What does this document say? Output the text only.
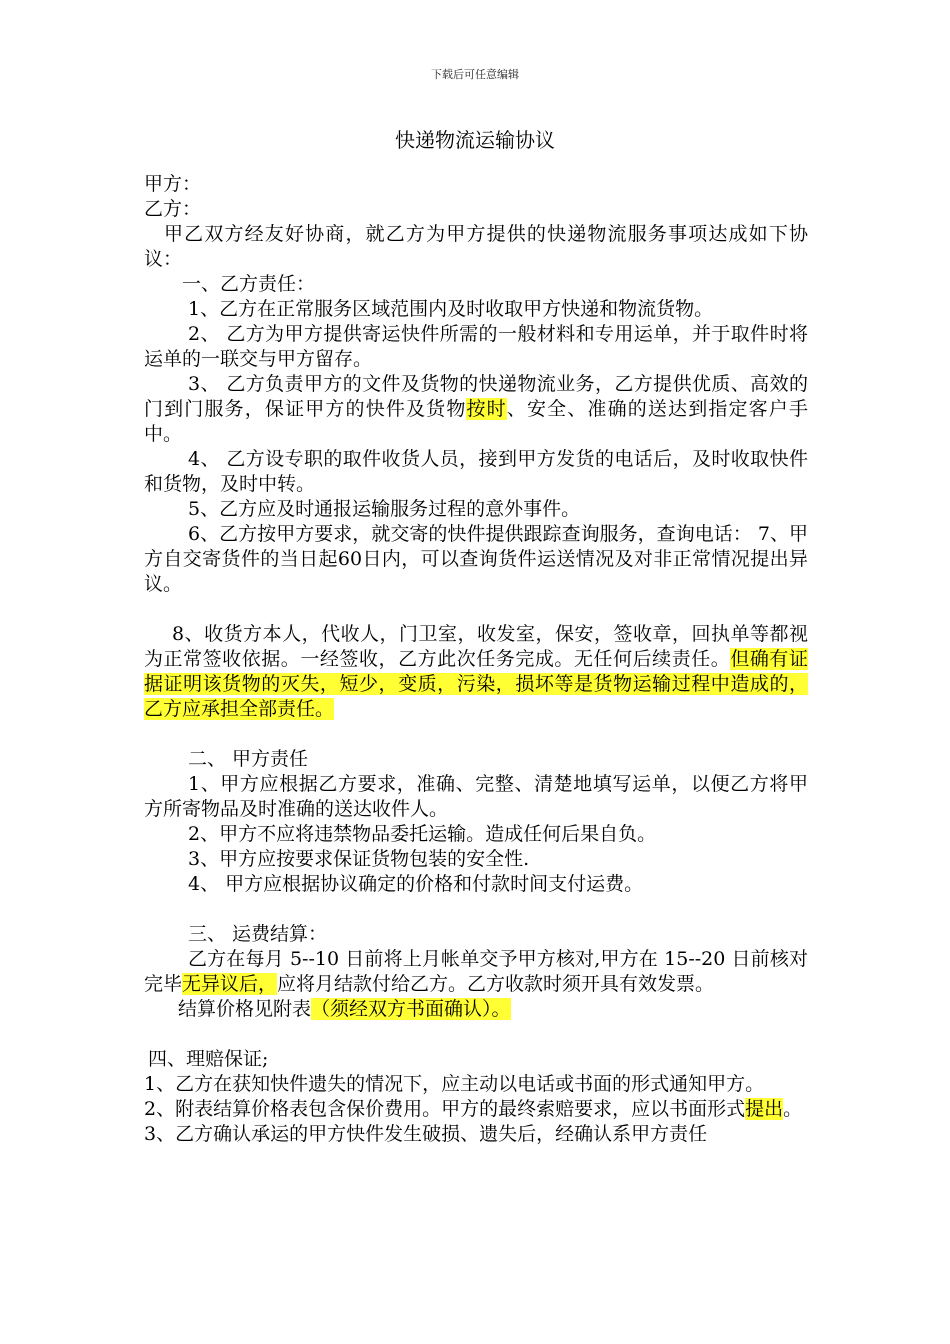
下载后可任意编辑
快递物流运输协议

甲方：

乙方：

甲乙双方经友好协商，就乙方为甲方提供的快递物流服务事项达成如下协议：

一、乙方责任：

1、乙方在正常服务区域范围内及时收取甲方快递和物流货物。

2、 乙方为甲方提供寄运快件所需的一般材料和专用运单，并于取件时将运单的一联交与甲方留存。

3、 乙方负责甲方的文件及货物的快递物流业务，乙方提供优质、高效的门到门服务，保证甲方的快件及货物按时、安全、准确的送达到指定客户手中。

4、 乙方设专职的取件收货人员，接到甲方发货的电话后，及时收取快件和货物，及时中转。

5、乙方应及时通报运输服务过程的意外事件。

6、乙方按甲方要求，就交寄的快件提供跟踪查询服务，查询电话： 7、甲方自交寄货件的当日起60日内，可以查询货件运送情况及对非正常情况提出异议。

8、收货方本人，代收人，门卫室，收发室，保安，签收章，回执单等都视为正常签收依据。一经签收，乙方此次任务完成。无任何后续责任。但确有证据证明该货物的灭失，短少，变质，污染，损坏等是货物运输过程中造成的，乙方应承担全部责任。

二、 甲方责任

1、甲方应根据乙方要求，准确、完整、清楚地填写运单，以便乙方将甲方所寄物品及时准确的送达收件人。

2、甲方不应将违禁物品委托运输。造成任何后果自负。

3、甲方应按要求保证货物包装的安全性.

4、 甲方应根据协议确定的价格和付款时间支付运费。

三、 运费结算：

乙方在每月 5--10 日前将上月帐单交予甲方核对,甲方在 15--20 日前核对完毕无异议后，应将月结款付给乙方。乙方收款时须开具有效发票。

结算价格见附表（须经双方书面确认）。

四、理赔保证;

1、乙方在获知快件遗失的情况下，应主动以电话或书面的形式通知甲方。

2、附表结算价格表包含保价费用。甲方的最终索赔要求，应以书面形式提出。

3、乙方确认承运的甲方快件发生破损、遗失后，经确认系甲方责任
